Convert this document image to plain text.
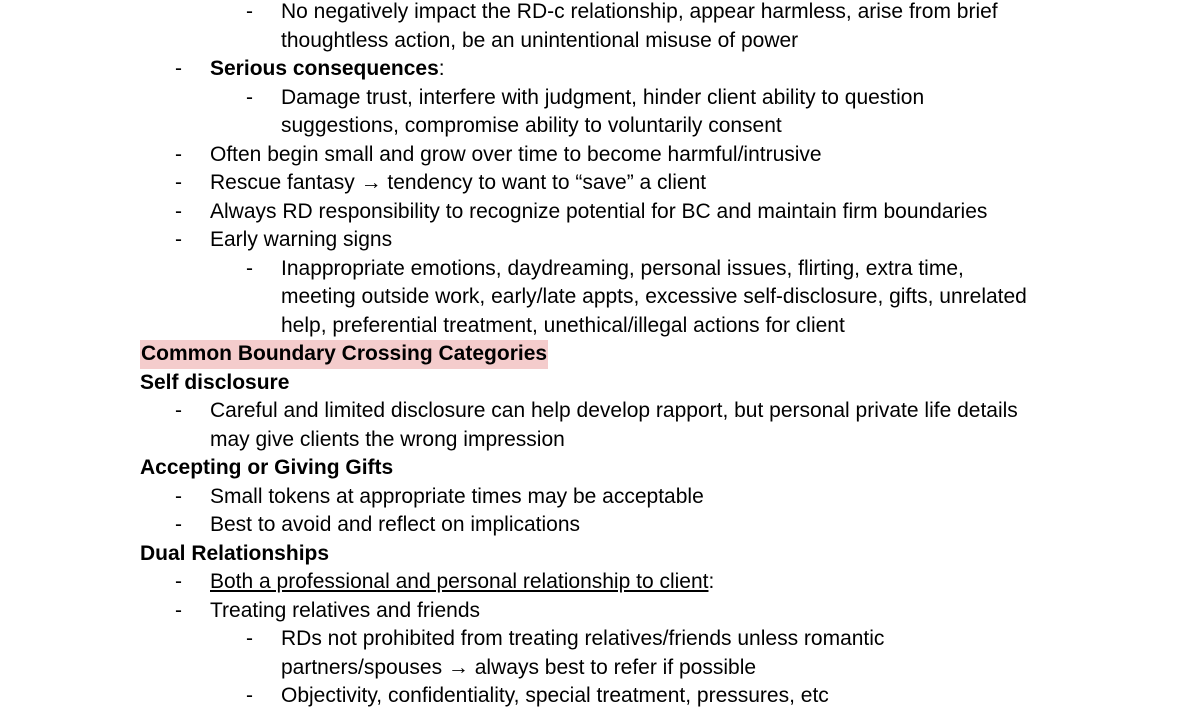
- No negatively impact the RD-c relationship, appear harmless, arise from brief
thoughtless action, be an unintentional misuse of power
- Serious consequences:
- Damage trust, interfere with judgment, hinder client ability to question
suggestions, compromise ability to voluntarily consent
- Often begin small and grow over time to become harmful/intrusive
- Rescue fantasy → tendency to want to “save” a client
- Always RD responsibility to recognize potential for BC and maintain firm boundaries
- Early warning signs
- Inappropriate emotions, daydreaming, personal issues, flirting, extra time,
meeting outside work, early/late appts, excessive self-disclosure, gifts, unrelated
help, preferential treatment, unethical/illegal actions for client
Common Boundary Crossing Categories
Self disclosure
- Careful and limited disclosure can help develop rapport, but personal private life details
may give clients the wrong impression
Accepting or Giving Gifts
- Small tokens at appropriate times may be acceptable
- Best to avoid and reflect on implications
Dual Relationships
- Both a professional and personal relationship to client:
- Treating relatives and friends
- RDs not prohibited from treating relatives/friends unless romantic
partners/spouses → always best to refer if possible
- Objectivity, confidentiality, special treatment, pressures, etc
